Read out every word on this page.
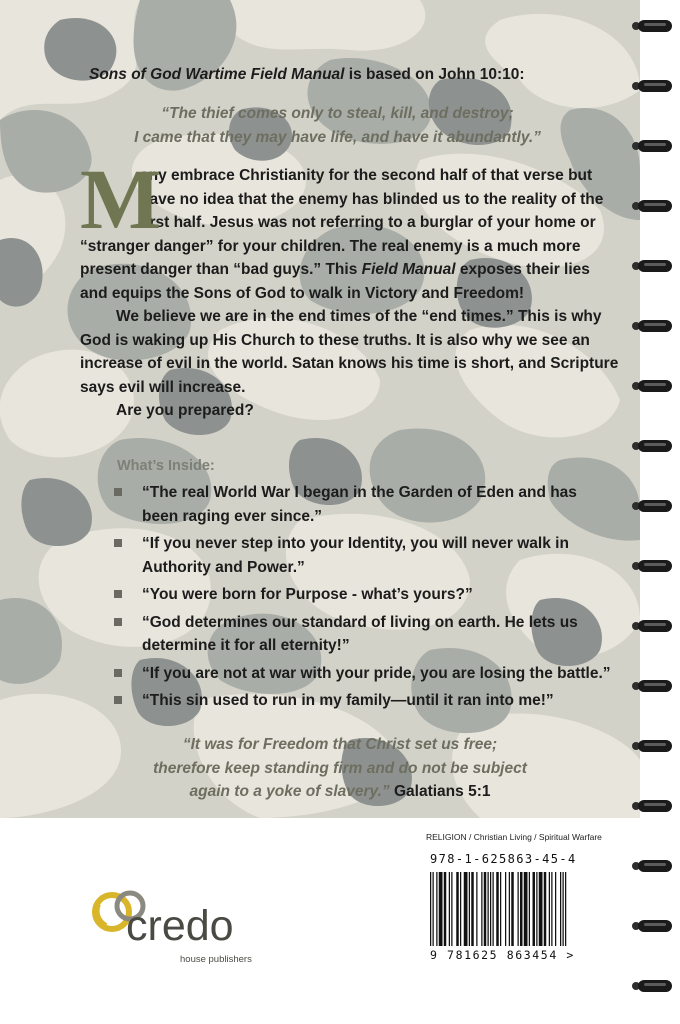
Sons of God Wartime Field Manual is based on John 10:10:
“The thief comes only to steal, kill, and destroy;
I came that they may have life, and have it abundantly.”

M
any embrace Christianity for the second half of that verse but have no idea that the enemy has blinded us to the reality of the first half. Jesus was not referring to a burglar of your home or “stranger danger” for your children. The real enemy is a much more present danger than “bad guys.” This Field Manual exposes their lies and equips the Sons of God to walk in Victory and Freedom!

We believe we are in the end times of the “end times.” This is why God is waking up His Church to these truths. It is also why we see an increase of evil in the world. Satan knows his time is short, and Scripture says evil will increase.

Are you prepared?

What’s Inside:
“The real World War I began in the Garden of Eden and has been raging ever since.”
“If you never step into your Identity, you will never walk in Authority and Power.”
“You were born for Purpose - what’s yours?”
“God determines our standard of living on earth. He lets us determine it for all eternity!”
“If you are not at war with your pride, you are losing the battle.”
“This sin used to run in my family—until it ran into me!”
“It was for Freedom that Christ set us free;
therefore keep standing firm and do not be subject
again to a yoke of slavery.” Galatians 5:1
credo
house publishers
RELIGION / Christian Living / Spiritual Warfare
978-1-625863-45-4
9 781625 863454 >
